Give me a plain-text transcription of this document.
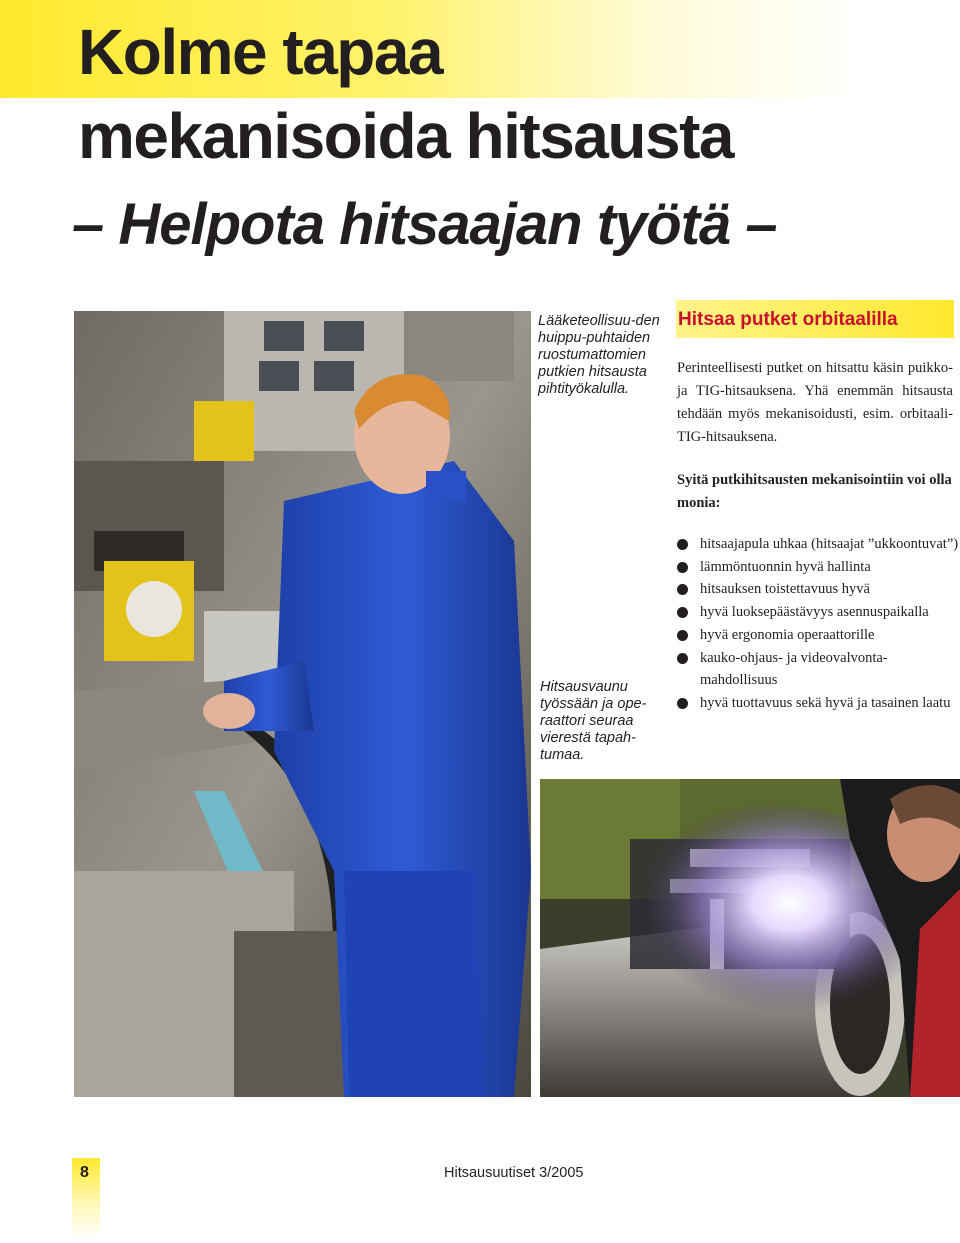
Kolme tapaa
mekanisoida hitsausta
– Helpota hitsaajan työtä –

Lääketeollisuu-den huippu-puhtaiden ruostumattomien putkien hitsausta pihtityökalulla.

Hitsaa putket orbitaalilla

Perinteellisesti putket on hitsattu käsin puikko- ja TIG-hitsauksena. Yhä enemmän hitsausta tehdään myös mekanisoidusti, esim. orbitaali-TIG-hitsauksena.

Syitä putkihitsausten mekanisointiin voi olla monia:

hitsaajapula uhkaa (hitsaajat ”ukkoontuvat”)
lämmöntuonnin hyvä hallinta
hitsauksen toistettavuus hyvä
hyvä luoksepäästävyys asennuspaikalla
hyvä ergonomia operaattorille
kauko-ohjaus- ja videovalvonta-mahdollisuus
hyvä tuottavuus sekä hyvä ja tasainen laatu

Hitsausvaunu työssään ja ope-raattori seuraa vierestä tapah-tumaa.

8	Hitsausuutiset 3/2005
